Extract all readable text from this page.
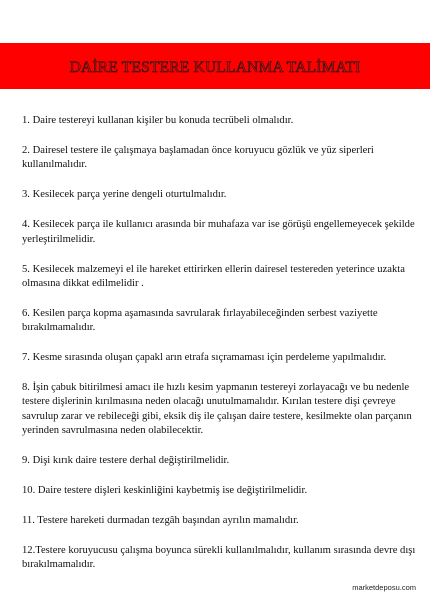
DAİRE TESTERE KULLANMA TALİMATI
1. Daire testereyi kullanan kişiler bu konuda tecrübeli olmalıdır.
2. Dairesel testere ile çalışmaya başlamadan önce koruyucu gözlük ve yüz siperleri kullanılmalıdır.
3. Kesilecek parça yerine dengeli oturtulmalıdır.
4. Kesilecek parça ile kullanıcı arasında bir muhafaza var ise görüşü engellemeyecek şekilde yerleştirilmelidir.
5. Kesilecek malzemeyi el ile hareket ettirirken ellerin dairesel testereden yeterince uzakta olmasına dikkat edilmelidir .
6. Kesilen parça kopma aşamasında savrularak fırlayabileceğinden serbest vaziyette bırakılmamalıdır.
7. Kesme sırasında oluşan çapakl arın etrafa sıçramaması için perdeleme yapılmalıdır.
8. İşin çabuk bitirilmesi amacı ile hızlı kesim yapmanın testereyi zorlayacağı ve bu nedenle testere dişlerinin kırılmasına neden olacağı unutulmamalıdır. Kırılan testere dişi çevreye savrulup zarar ve rebileceği gibi, eksik diş ile çalışan daire testere, kesilmekte olan parçanın yerinden savrulmasına neden olabilecektir.
9. Dişi kırık daire testere derhal değiştirilmelidir.
10. Daire testere dişleri keskinliğini kaybetmiş ise değiştirilmelidir.
11. Testere hareketi durmadan tezgâh başından ayrılın mamalıdır.
12.Testere koruyucusu çalışma boyunca sürekli kullanılmalıdır, kullanım sırasında devre dışı bırakılmamalıdır.
marketdeposu.com
